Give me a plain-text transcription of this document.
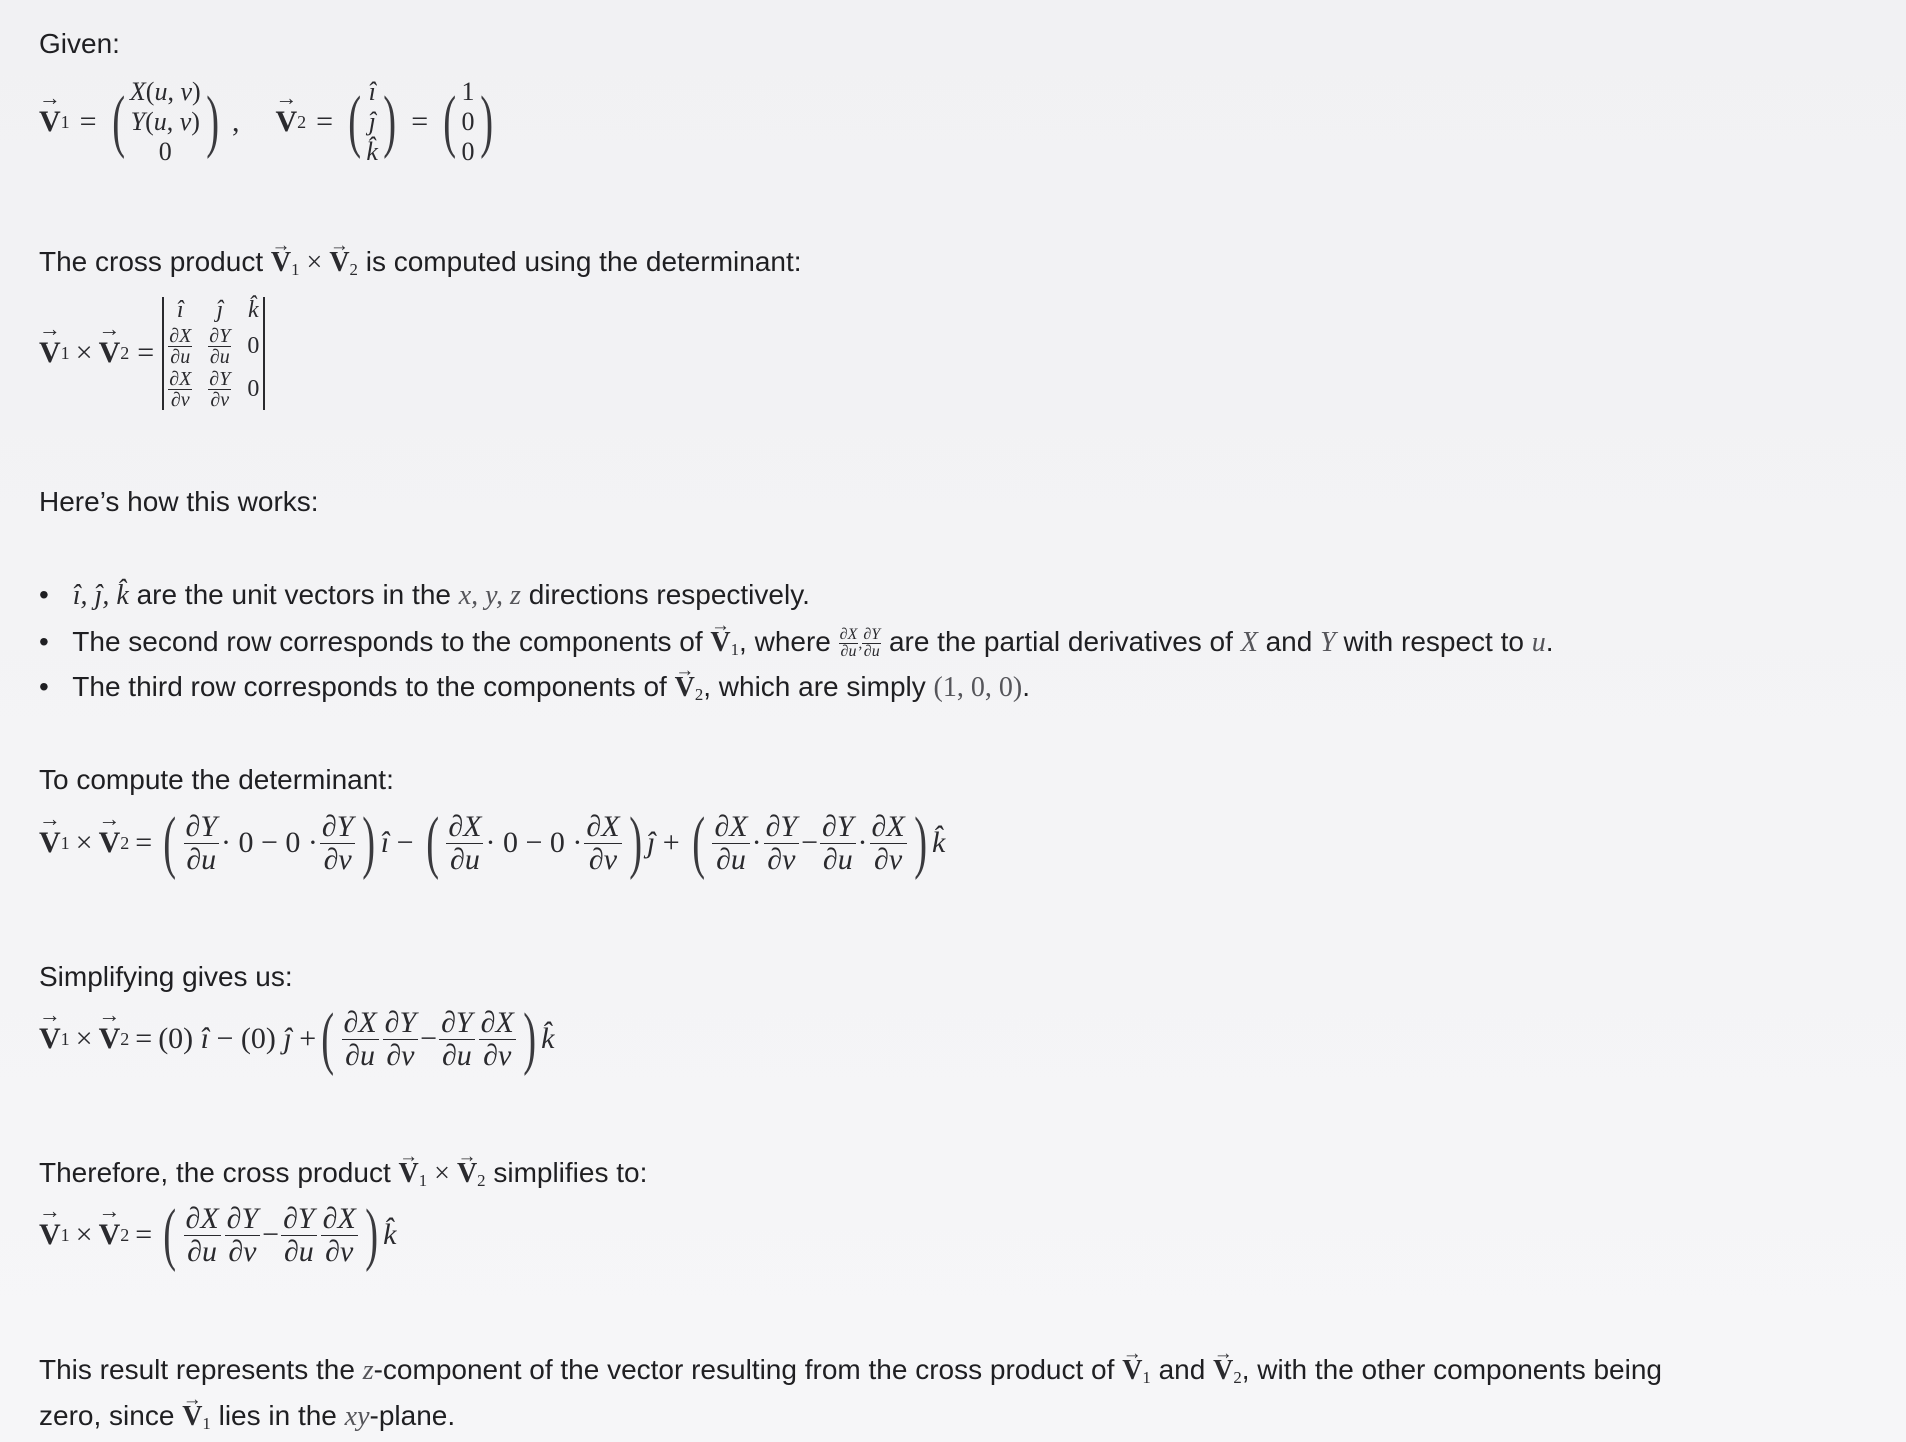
Given:
→ V 1 = ( X(u, v)
Y(u, v)
0 ) , → V 2 = ( î
ĵ
k̂ ) = ( 1
0
0 )
The cross product → $V_1$ × → $V_2$ is computed using the determinant:
→ V 1 × → V 2 =
î ĵ k̂
∂X
∂u
∂Y
∂u 0
∂X
∂v
∂Y
∂v 0
Here’s how this works:
• î, ĵ, k̂ are the unit vectors in the x, y, z directions respectively.
• The second row corresponds to the components of → $V_1$, where ∂X
∂u , ∂Y
∂u are the partial derivatives of X and Y with respect to u.
• The third row corresponds to the components of → $V_2$, which are simply (1, 0, 0).
To compute the determinant:
→ V 1 × → V 2 = ( $\frac{\partial Y}{\partial u} \cdot 0 - 0 \cdot \frac{\partial Y}{\partial v}$ ) î − ( $\frac{\partial X}{\partial u} \cdot 0 - 0 \cdot \frac{\partial X}{\partial v}$ ) ĵ + ( $\frac{\partial X}{\partial u} \cdot \frac{\partial Y}{\partial v} - \frac{\partial Y}{\partial u} \cdot \frac{\partial X}{\partial v}$ ) k̂
Simplifying gives us:
→ V 1 × → V 2 = (0) î − (0) ĵ + ( $\frac{\partial X}{\partial u} \frac{\partial Y}{\partial v} - \frac{\partial Y}{\partial u} \frac{\partial X}{\partial v}$ ) k̂
Therefore, the cross product → $V_1$ × → $V_2$ simplifies to:
→ V 1 × → V 2 = ( $\frac{\partial X}{\partial u} \frac{\partial Y}{\partial v} - \frac{\partial Y}{\partial u} \frac{\partial X}{\partial v}$ ) k̂
This result represents the z-component of the vector resulting from the cross product of → $V_1$ and → $V_2$, with the other components being
zero, since → $V_1$ lies in the xy-plane.
